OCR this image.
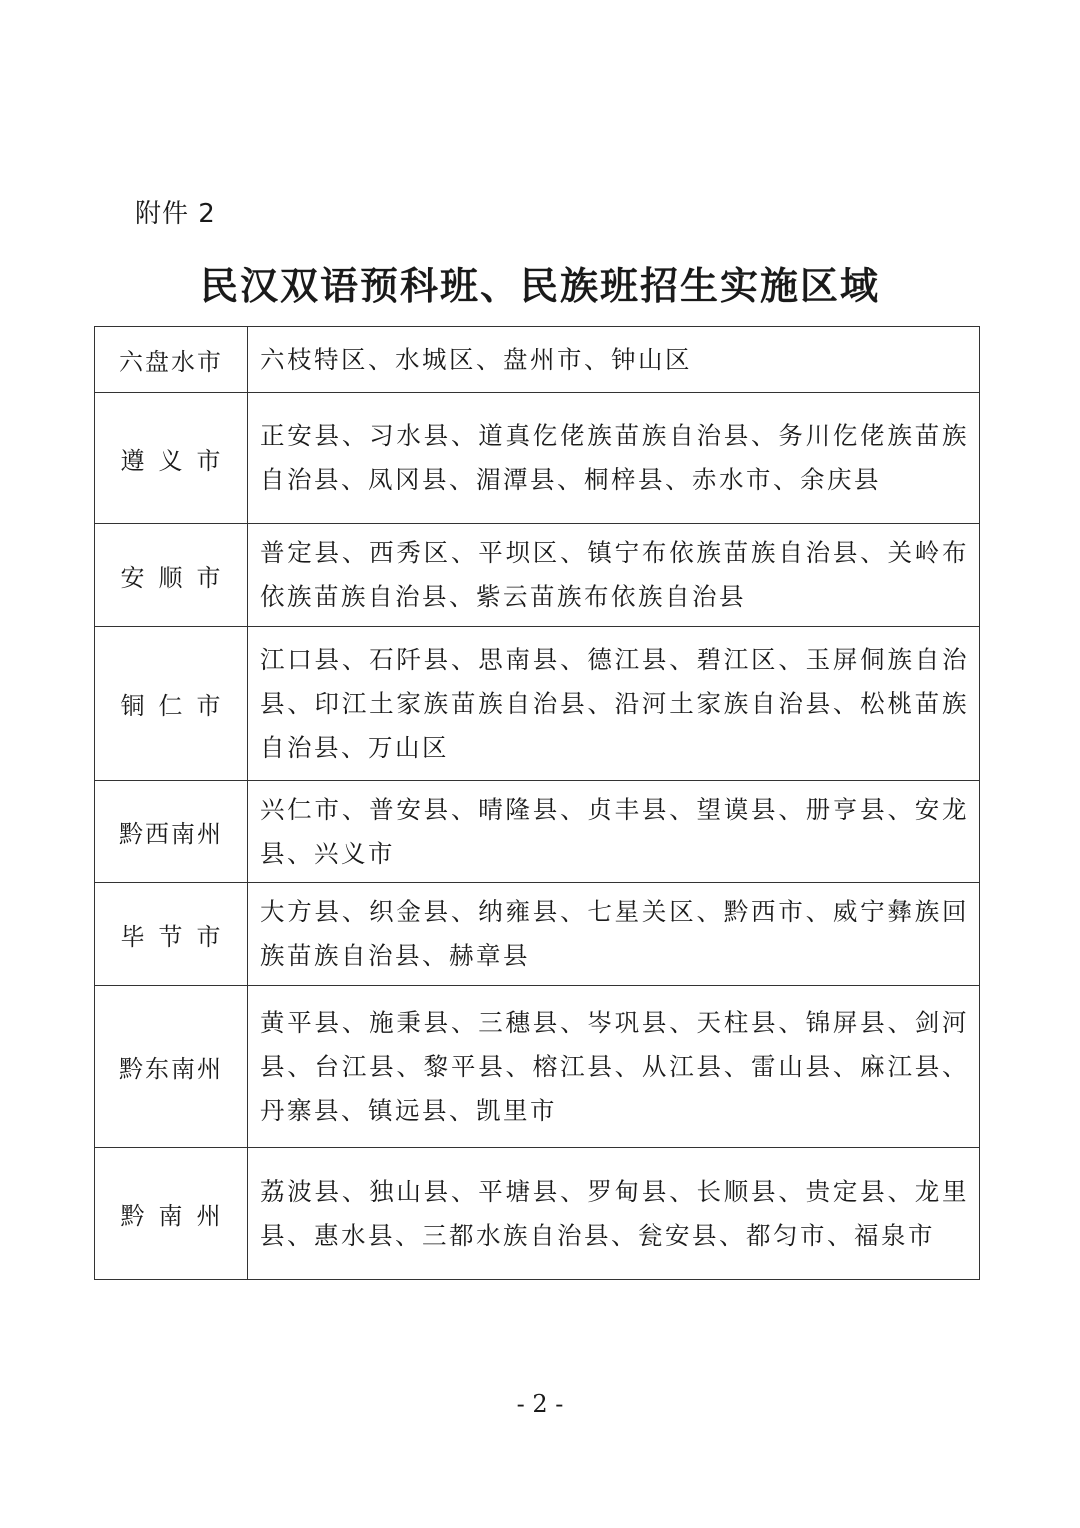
附件 2
民汉双语预科班、民族班招生实施区域
六盘水市	六枝特区、水城区、盘州市、钟山区
遵义市	正安县、习水县、道真仡佬族苗族自治县、务川仡佬族苗族自治县、凤冈县、湄潭县、桐梓县、赤水市、余庆县
安顺市	普定县、西秀区、平坝区、镇宁布依族苗族自治县、关岭布依族苗族自治县、紫云苗族布依族自治县
铜仁市	江口县、石阡县、思南县、德江县、碧江区、玉屏侗族自治县、印江土家族苗族自治县、沿河土家族自治县、松桃苗族自治县、万山区
黔西南州	兴仁市、普安县、晴隆县、贞丰县、望谟县、册亨县、安龙县、兴义市
毕节市	大方县、织金县、纳雍县、七星关区、黔西市、威宁彝族回族苗族自治县、赫章县
黔东南州	黄平县、施秉县、三穗县、岑巩县、天柱县、锦屏县、剑河县、台江县、黎平县、榕江县、从江县、雷山县、麻江县、丹寨县、镇远县、凯里市
黔南州	荔波县、独山县、平塘县、罗甸县、长顺县、贵定县、龙里县、惠水县、三都水族自治县、瓮安县、都匀市、福泉市
- 2 -
